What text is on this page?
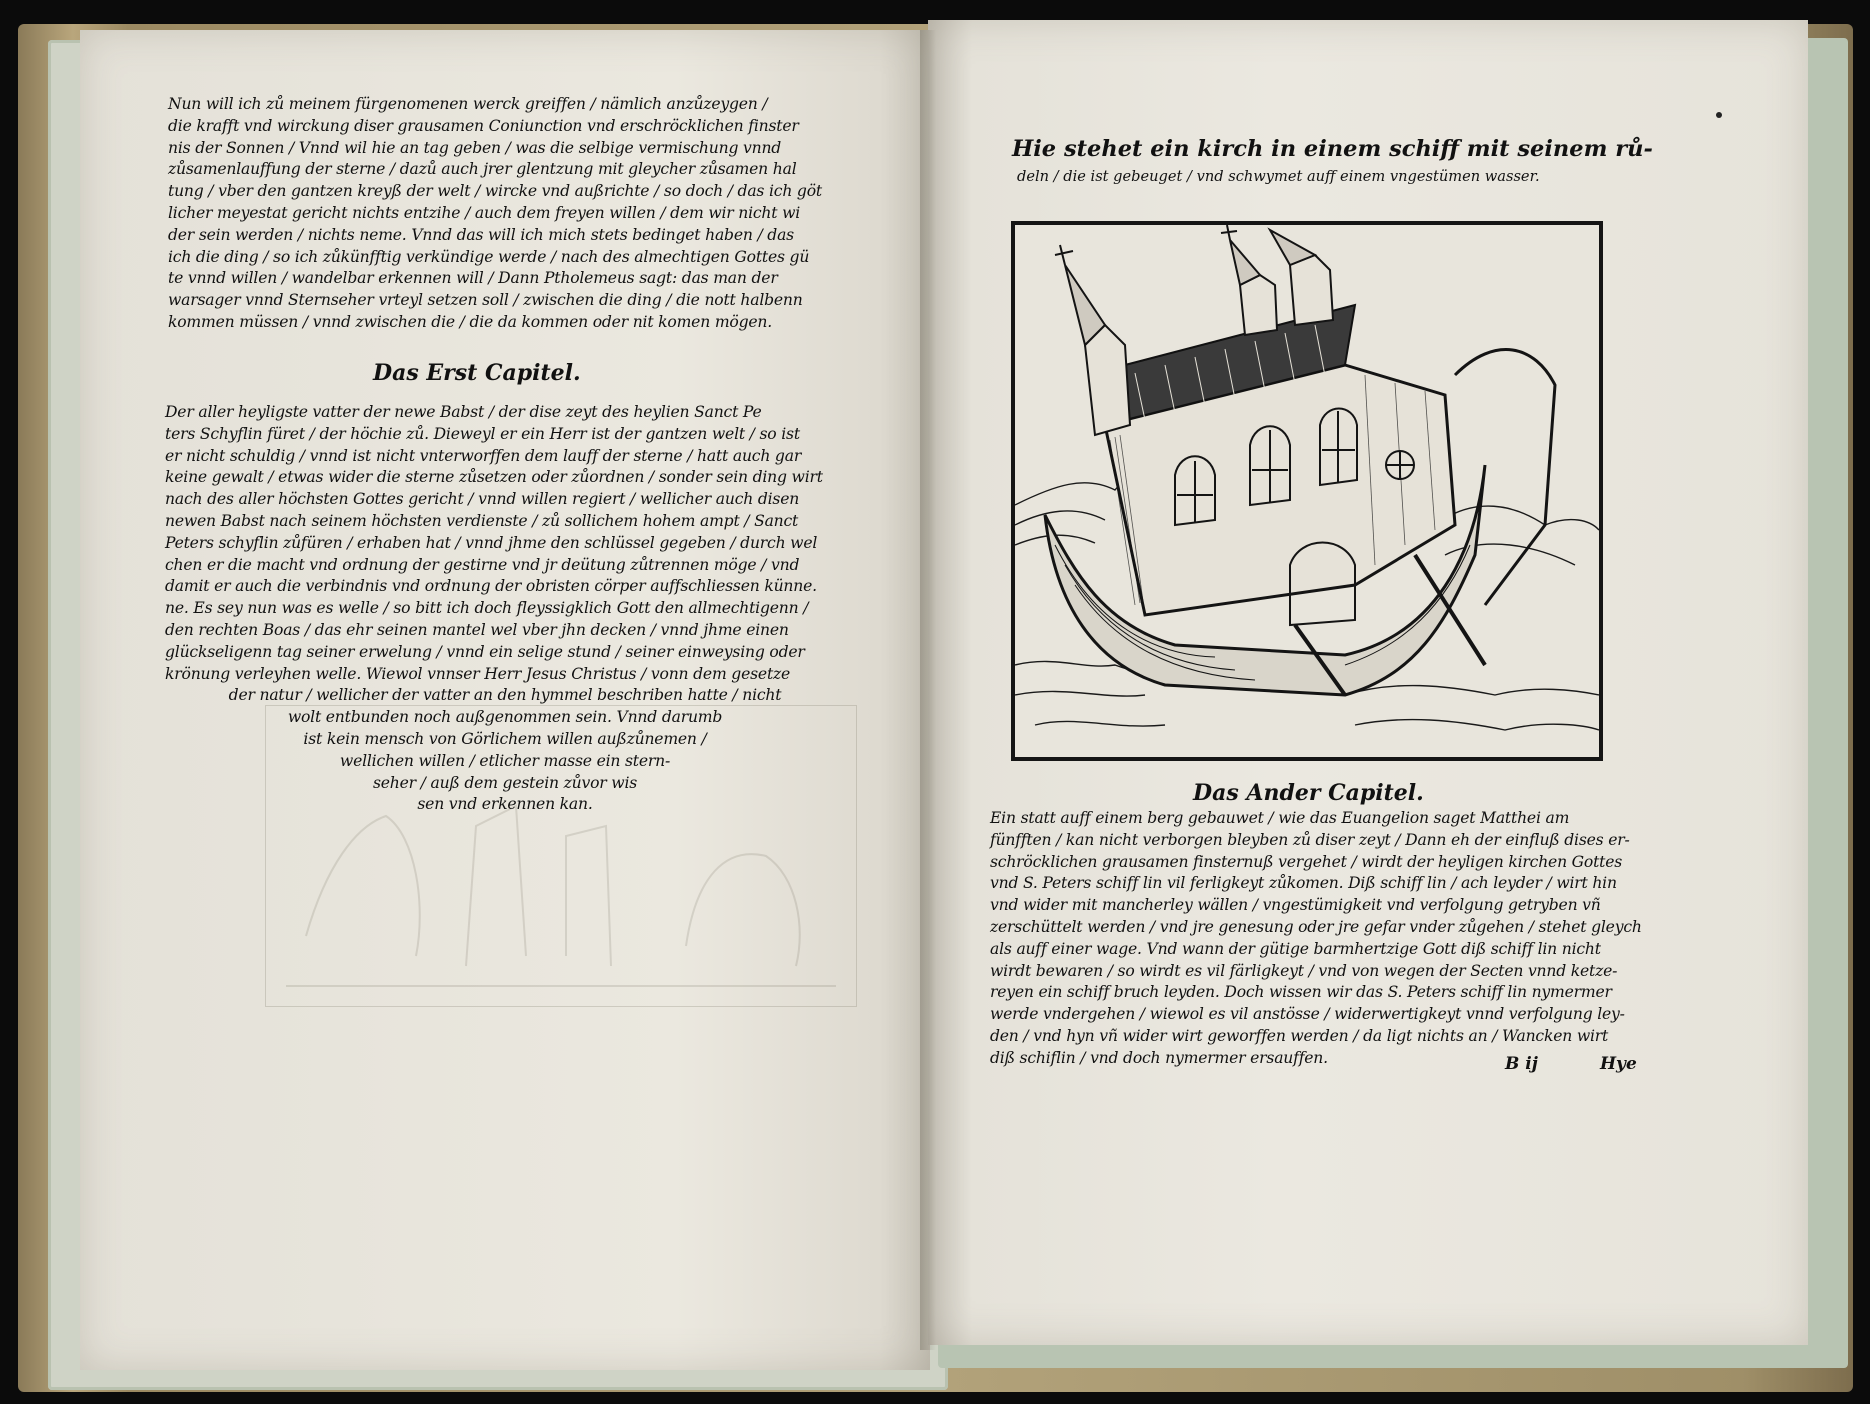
Nun will ich zů meinem fürgenomenen werck greiffen / nämlich anzůzeygen /

die krafft vnd wirckung diser grausamen Coniunction vnd erschröcklichen finster

nis der Sonnen / Vnnd wil hie an tag geben / was die selbige vermischung vnnd

zůsamenlauffung der sterne / dazů auch jrer glentzung mit gleycher zůsamen hal

tung / vber den gantzen kreyß der welt / wircke vnd außrichte / so doch / das ich göt

licher meyestat gericht nichts entzihe / auch dem freyen willen / dem wir nicht wi

der sein werden / nichts neme. Vnnd das will ich mich stets bedinget haben / das

ich die ding / so ich zůkünfftig verkündige werde / nach des almechtigen Gottes gü

te vnnd willen / wandelbar erkennen will / Dann Ptholemeus sagt: das man der

warsager vnnd Sternseher vrteyl setzen soll / zwischen die ding / die nott halbenn

kommen müssen / vnnd zwischen die / die da kommen oder nit komen mögen.

Das Erst Capitel.

Der aller heyligste vatter der newe Babst / der dise zeyt des heylien Sanct Pe

ters Schyflin füret / der höchie zů. Dieweyl er ein Herr ist der gantzen welt / so ist

er nicht schuldig / vnnd ist nicht vnterworffen dem lauff der sterne / hatt auch gar

keine gewalt / etwas wider die sterne zůsetzen oder zůordnen / sonder sein ding wirt

nach des aller höchsten Gottes gericht / vnnd willen regiert / wellicher auch disen

newen Babst nach seinem höchsten verdienste / zů sollichem hohem ampt / Sanct

Peters schyflin zůfüren / erhaben hat / vnnd jhme den schlüssel gegeben / durch wel

chen er die macht vnd ordnung der gestirne vnd jr deütung zůtrennen möge / vnd

damit er auch die verbindnis vnd ordnung der obristen cörper auffschliessen künne.

ne. Es sey nun was es welle / so bitt ich doch fleyssigklich Gott den allmechtigenn /

den rechten Boas / das ehr seinen mantel wel vber jhn decken / vnnd jhme einen

glückseligenn tag seiner erwelung / vnnd ein selige stund / seiner einweysing oder

krönung verleyhen welle. Wiewol vnnser Herr Jesus Christus / vonn dem gesetze

der natur / wellicher der vatter an den hymmel beschriben hatte / nicht

wolt entbunden noch außgenommen sein. Vnnd darumb

ist kein mensch von Görlichem willen außzůnemen /

wellichen willen / etlicher masse ein stern-

seher / auß dem gestein zůvor wis

sen vnd erkennen kan.

Hie stehet ein kirch in einem schiff mit seinem rů-
deln / die ist gebeuget / vnd schwymet auff einem vngestümen wasser.
Das Ander Capitel.

Ein statt auff einem berg gebauwet / wie das Euangelion saget Matthei am

fünfften / kan nicht verborgen bleyben zů diser zeyt / Dann eh der einfluß dises er-

schröcklichen grausamen finsternuß vergehet / wirdt der heyligen kirchen Gottes

vnd S. Peters schiff lin vil ferligkeyt zůkomen. Diß schiff lin / ach leyder / wirt hin

vnd wider mit mancherley wällen / vngestümigkeit vnd verfolgung getryben vñ

zerschüttelt werden / vnd jre genesung oder jre gefar vnder zůgehen / stehet gleych

als auff einer wage. Vnd wann der gütige barmhertzige Gott diß schiff lin nicht

wirdt bewaren / so wirdt es vil färligkeyt / vnd von wegen der Secten vnnd ketze-

reyen ein schiff bruch leyden. Doch wissen wir das S. Peters schiff lin nymermer

werde vndergehen / wiewol es vil anstösse / widerwertigkeyt vnnd verfolgung ley-

den / vnd hyn vñ wider wirt geworffen werden / da ligt nichts an / Wancken wirt

diß schiflin / vnd doch nymermer ersauffen.	B ij	Hye
